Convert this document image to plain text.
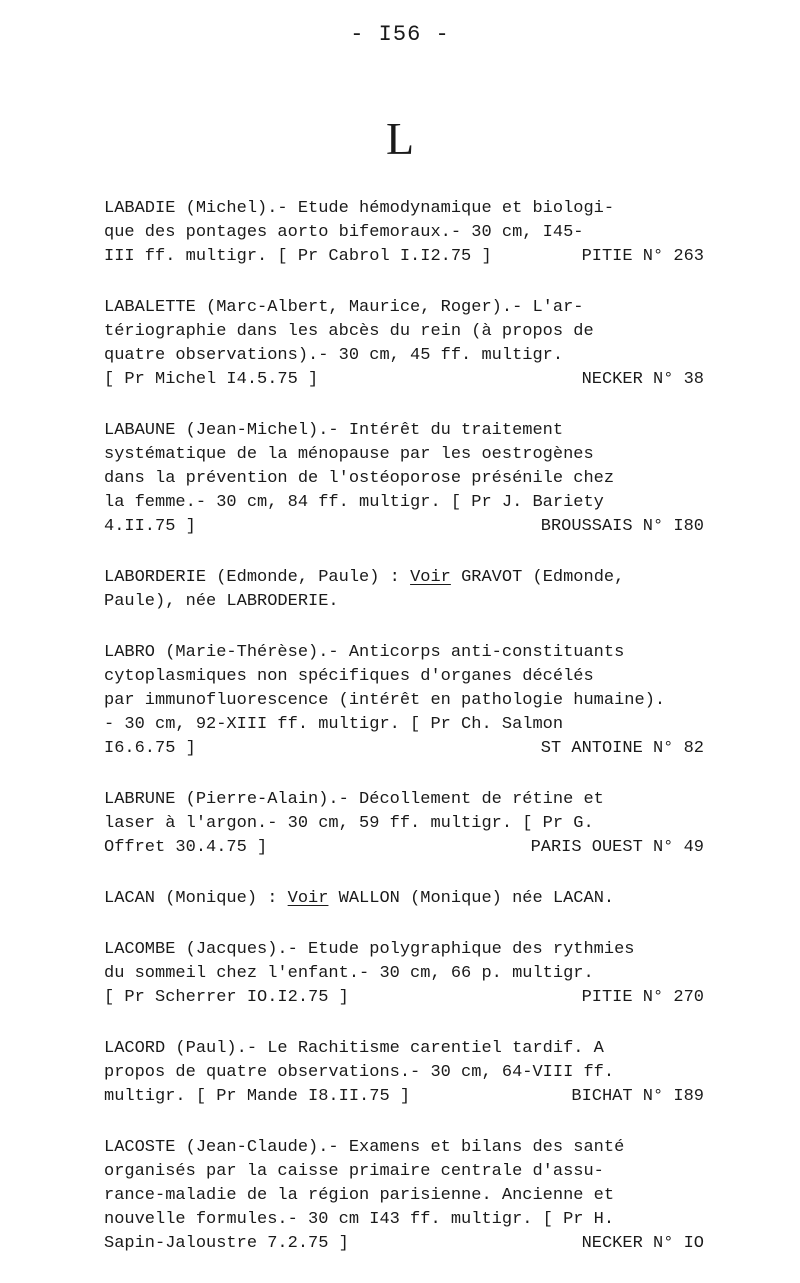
- I56 -
L
LABADIE (Michel).- Etude hémodynamique et biologi-
que des pontages aorto bifemoraux.- 30 cm, I45-
III ff. multigr. [ Pr Cabrol I.I2.75 ]	PITIE N° 263
LABALETTE (Marc-Albert, Maurice, Roger).- L'ar-
tériographie dans les abcès du rein (à propos de
quatre observations).- 30 cm, 45 ff. multigr.
[ Pr Michel I4.5.75 ]	NECKER N° 38
LABAUNE (Jean-Michel).- Intérêt du traitement
systématique de la ménopause par les oestrogènes
dans la prévention de l'ostéoporose présénile chez
la femme.- 30 cm, 84 ff. multigr. [ Pr J. Bariety
4.II.75 ]	BROUSSAIS N° I80
LABORDERIE (Edmonde, Paule) : Voir GRAVOT (Edmonde,
Paule), née LABRODERIE.
LABRO (Marie-Thérèse).- Anticorps anti-constituants
cytoplasmiques non spécifiques d'organes décélés
par immunofluorescence (intérêt en pathologie humaine).
- 30 cm, 92-XIII ff. multigr. [ Pr Ch. Salmon
I6.6.75 ]	ST ANTOINE N° 82
LABRUNE (Pierre-Alain).- Décollement de rétine et
laser à l'argon.- 30 cm, 59 ff. multigr. [ Pr G.
Offret 30.4.75 ]	PARIS OUEST N° 49
LACAN (Monique) : Voir WALLON (Monique) née LACAN.
LACOMBE (Jacques).- Etude polygraphique des rythmies
du sommeil chez l'enfant.- 30 cm, 66 p. multigr.
[ Pr Scherrer IO.I2.75 ]	PITIE N° 270
LACORD (Paul).- Le Rachitisme carentiel tardif. A
propos de quatre observations.- 30 cm, 64-VIII ff.
multigr. [ Pr Mande I8.II.75 ]	BICHAT N° I89
LACOSTE (Jean-Claude).- Examens et bilans des santé
organisés par la caisse primaire centrale d'assu-
rance-maladie de la région parisienne. Ancienne et
nouvelle formules.- 30 cm I43 ff. multigr. [ Pr H.
Sapin-Jaloustre 7.2.75 ]	NECKER N° IO
